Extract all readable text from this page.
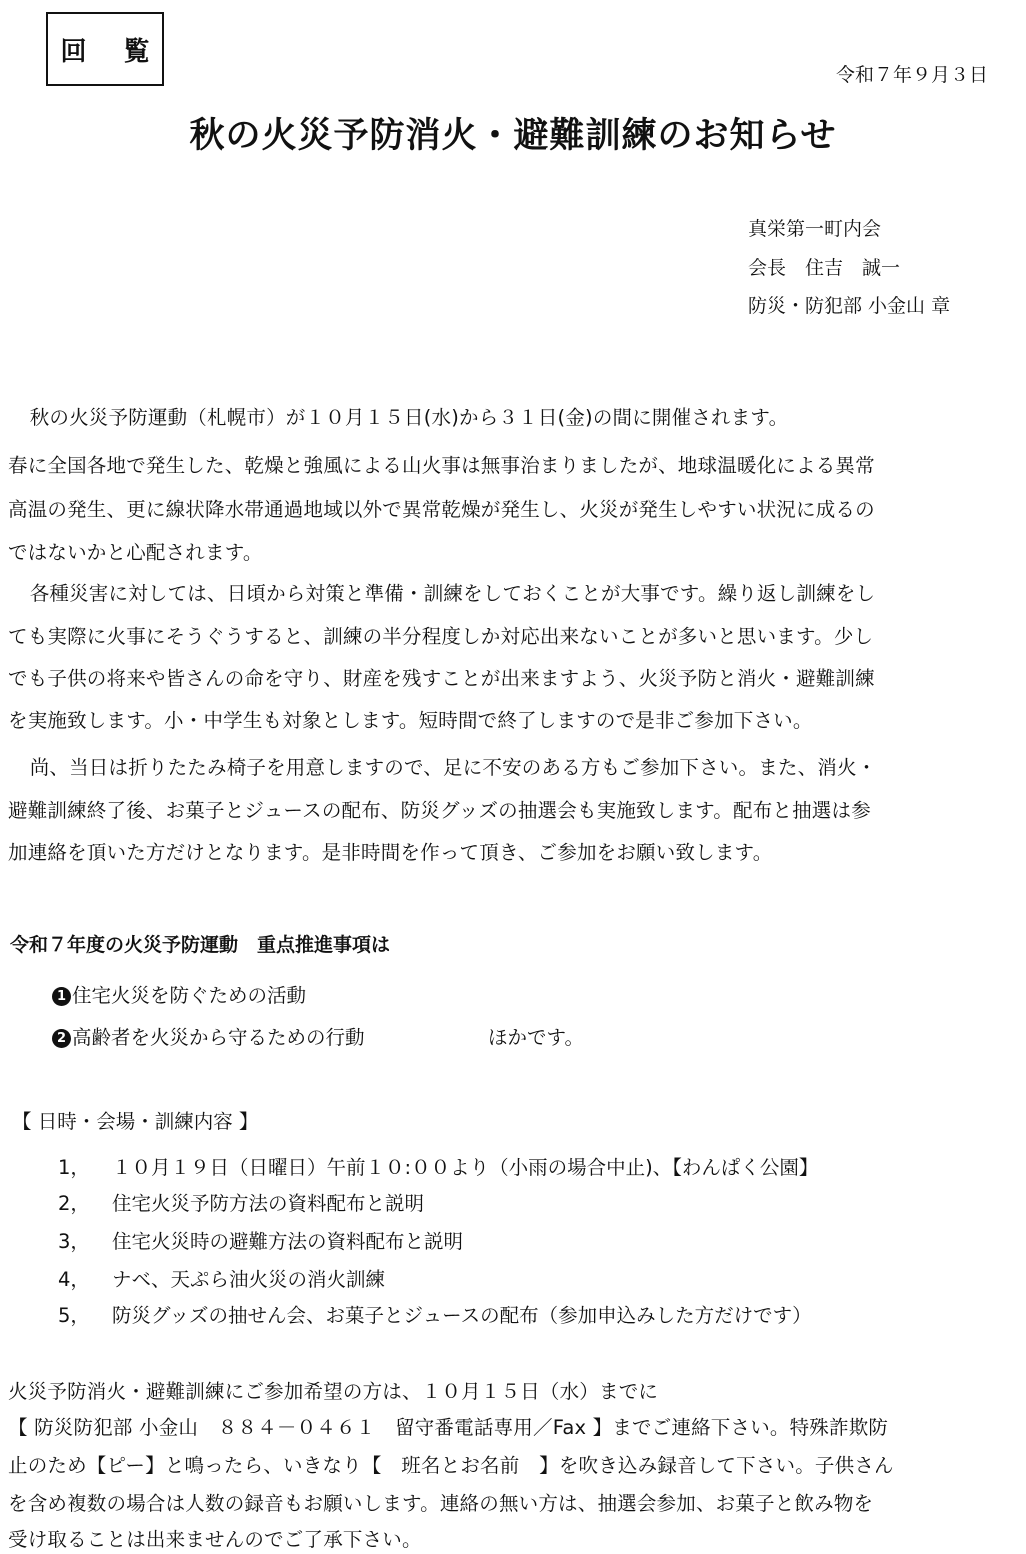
回 覧
令和７年９月３日
秋の火災予防消火・避難訓練のお知らせ
真栄第一町内会
会長　住吉　誠一
防災・防犯部 小金山 章
　秋の火災予防運動（札幌市）が１０月１５日(水)から３１日(金)の間に開催されます。
春に全国各地で発生した、乾燥と強風による山火事は無事治まりましたが、地球温暖化による異常
高温の発生、更に線状降水帯通過地域以外で異常乾燥が発生し、火災が発生しやすい状況に成るの
ではないかと心配されます。
　各種災害に対しては、日頃から対策と準備・訓練をしておくことが大事です。繰り返し訓練をし
ても実際に火事にそうぐうすると、訓練の半分程度しか対応出来ないことが多いと思います。少し
でも子供の将来や皆さんの命を守り、財産を残すことが出来ますよう、火災予防と消火・避難訓練
を実施致します。小・中学生も対象とします。短時間で終了しますので是非ご参加下さい。
　尚、当日は折りたたみ椅子を用意しますので、足に不安のある方もご参加下さい。また、消火・
避難訓練終了後、お菓子とジュースの配布、防災グッズの抽選会も実施致します。配布と抽選は参
加連絡を頂いた方だけとなります。是非時間を作って頂き、ご参加をお願い致します。
令和７年度の火災予防運動　重点推進事項は
1 住宅火災を防ぐための活動
2 高齢者を火災から守るための行動	ほかです。
【 日時・会場・訓練内容 】
1， １０月１９日（日曜日）午前１０:００より（小雨の場合中止)、【わんぱく公園】
2， 住宅火災予防方法の資料配布と説明
3， 住宅火災時の避難方法の資料配布と説明
4， ナベ、天ぷら油火災の消火訓練
5， 防災グッズの抽せん会、お菓子とジュースの配布（参加申込みした方だけです）
火災予防消火・避難訓練にご参加希望の方は、１０月１５日（水）までに
【 防災防犯部 小金山　８８４－０４６１　留守番電話専用／Fax 】までご連絡下さい。特殊詐欺防
止のため【ピー】と鳴ったら、いきなり【　班名とお名前　】を吹き込み録音して下さい。子供さん
を含め複数の場合は人数の録音もお願いします。連絡の無い方は、抽選会参加、お菓子と飲み物を
受け取ることは出来ませんのでご了承下さい。
